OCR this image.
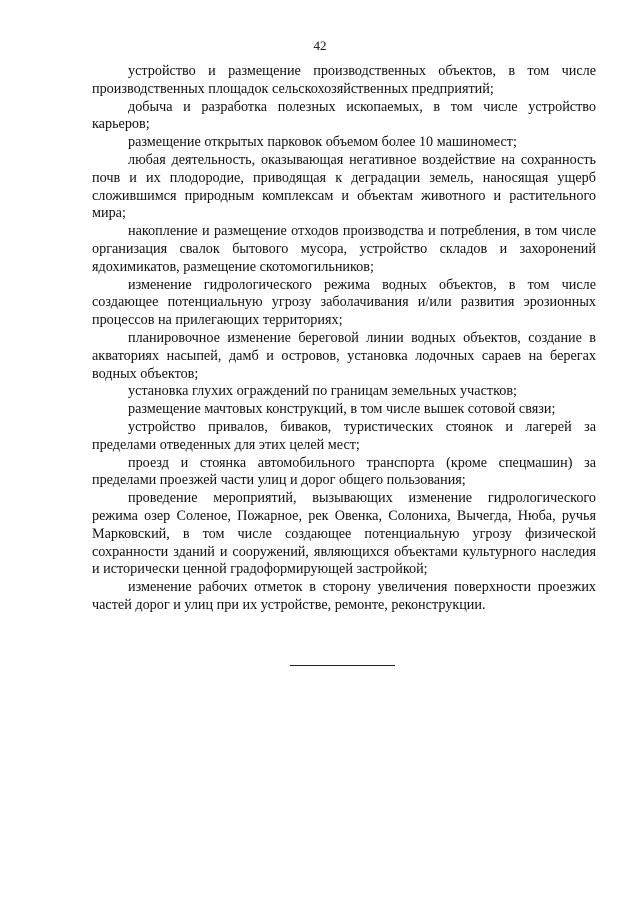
42

устройство и размещение производственных объектов, в том числе производственных площадок сельскохозяйственных предприятий;

добыча и разработка полезных ископаемых, в том числе устройство карьеров;

размещение открытых парковок объемом более 10 машиномест;

любая деятельность, оказывающая негативное воздействие на сохранность почв и их плодородие, приводящая к деградации земель, наносящая ущерб сложившимся природным комплексам и объектам животного и растительного мира;

накопление и размещение отходов производства и потребления, в том числе организация свалок бытового мусора, устройство складов и захоронений ядохимикатов, размещение скотомогильников;

изменение гидрологического режима водных объектов, в том числе создающее потенциальную угрозу заболачивания и/или развития эрозионных процессов на прилегающих территориях;

планировочное изменение береговой линии водных объектов, создание в акваториях насыпей, дамб и островов, установка лодочных сараев на берегах водных объектов;

установка глухих ограждений по границам земельных участков;

размещение мачтовых конструкций, в том числе вышек сотовой связи;

устройство привалов, биваков, туристических стоянок и лагерей за пределами отведенных для этих целей мест;

проезд и стоянка автомобильного транспорта (кроме спецмашин) за пределами проезжей части улиц и дорог общего пользования;

проведение мероприятий, вызывающих изменение гидрологического режима озер Соленое, Пожарное, рек Овенка, Солониха, Вычегда, Нюба, ручья Марковский, в том числе создающее потенциальную угрозу физической сохранности зданий и сооружений, являющихся объектами культурного наследия и исторически ценной градоформирующей застройкой;

изменение рабочих отметок в сторону увеличения поверхности проезжих частей дорог и улиц при их устройстве, ремонте, реконструкции.
